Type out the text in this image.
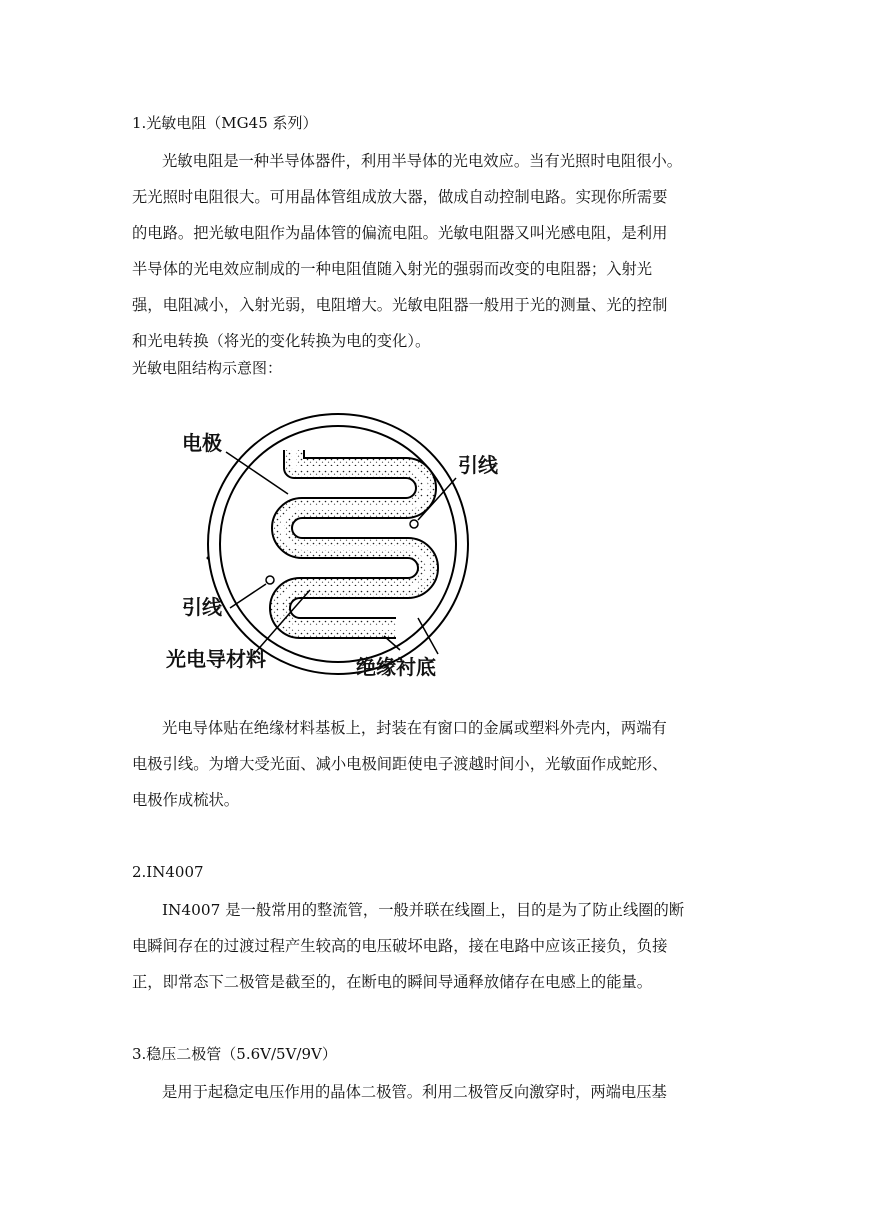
1.光敏电阻（MG45 系列）
光敏电阻是一种半导体器件，利用半导体的光电效应。当有光照时电阻很小。
无光照时电阻很大。可用晶体管组成放大器，做成自动控制电路。实现你所需要
的电路。把光敏电阻作为晶体管的偏流电阻。光敏电阻器又叫光感电阻，是利用
半导体的光电效应制成的一种电阻值随入射光的强弱而改变的电阻器；入射光
强，电阻减小，入射光弱，电阻增大。光敏电阻器一般用于光的测量、光的控制
和光电转换（将光的变化转换为电的变化）。
光敏电阻结构示意图：
电极
引线
引线
光电导材料	绝缘衬底
光电导体贴在绝缘材料基板上，封装在有窗口的金属或塑料外壳内，两端有
电极引线。为增大受光面、减小电极间距使电子渡越时间小，光敏面作成蛇形、
电极作成梳状。
2.IN4007
IN4007 是一般常用的整流管，一般并联在线圈上，目的是为了防止线圈的断
电瞬间存在的过渡过程产生较高的电压破坏电路，接在电路中应该正接负，负接
正，即常态下二极管是截至的，在断电的瞬间导通释放储存在电感上的能量。
3.稳压二极管（5.6V/5V/9V）
是用于起稳定电压作用的晶体二极管。利用二极管反向激穿时，两端电压基
